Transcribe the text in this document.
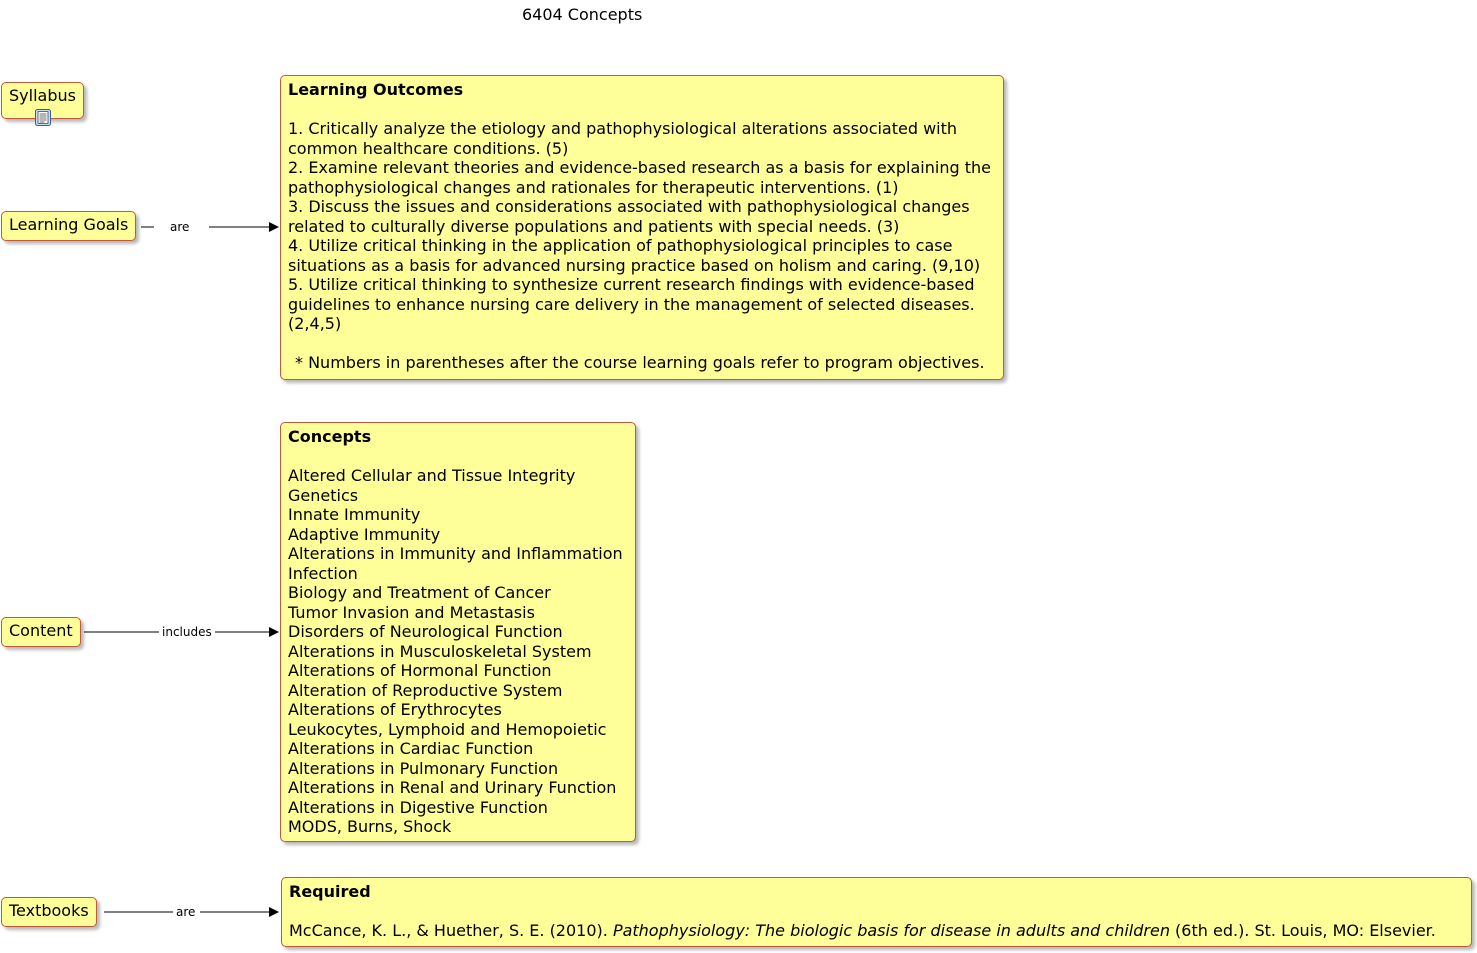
6404 Concepts
Syllabus
Learning Goals
Content
Textbooks
are
includes
are
Learning Outcomes
1. Critically analyze the etiology and pathophysiological alterations associated with
common healthcare conditions. (5)
2. Examine relevant theories and evidence-based research as a basis for explaining the
pathophysiological changes and rationales for therapeutic interventions. (1)
3. Discuss the issues and considerations associated with pathophysiological changes
related to culturally diverse populations and patients with special needs. (3)
4. Utilize critical thinking in the application of pathophysiological principles to case
situations as a basis for advanced nursing practice based on holism and caring. (9,10)
5. Utilize critical thinking to synthesize current research findings with evidence-based
guidelines to enhance nursing care delivery in the management of selected diseases.
(2,4,5)
* Numbers in parentheses after the course learning goals refer to program objectives.
Concepts
Altered Cellular and Tissue Integrity
Genetics
Innate Immunity
Adaptive Immunity
Alterations in Immunity and Inflammation
Infection
Biology and Treatment of Cancer
Tumor Invasion and Metastasis
Disorders of Neurological Function
Alterations in Musculoskeletal System
Alterations of Hormonal Function
Alteration of Reproductive System
Alterations of Erythrocytes
Leukocytes, Lymphoid and Hemopoietic
Alterations in Cardiac Function
Alterations in Pulmonary Function
Alterations in Renal and Urinary Function
Alterations in Digestive Function
MODS, Burns, Shock
Required
McCance, K. L., & Huether, S. E. (2010). Pathophysiology: The biologic basis for disease in adults and children (6th ed.). St. Louis, MO: Elsevier.
